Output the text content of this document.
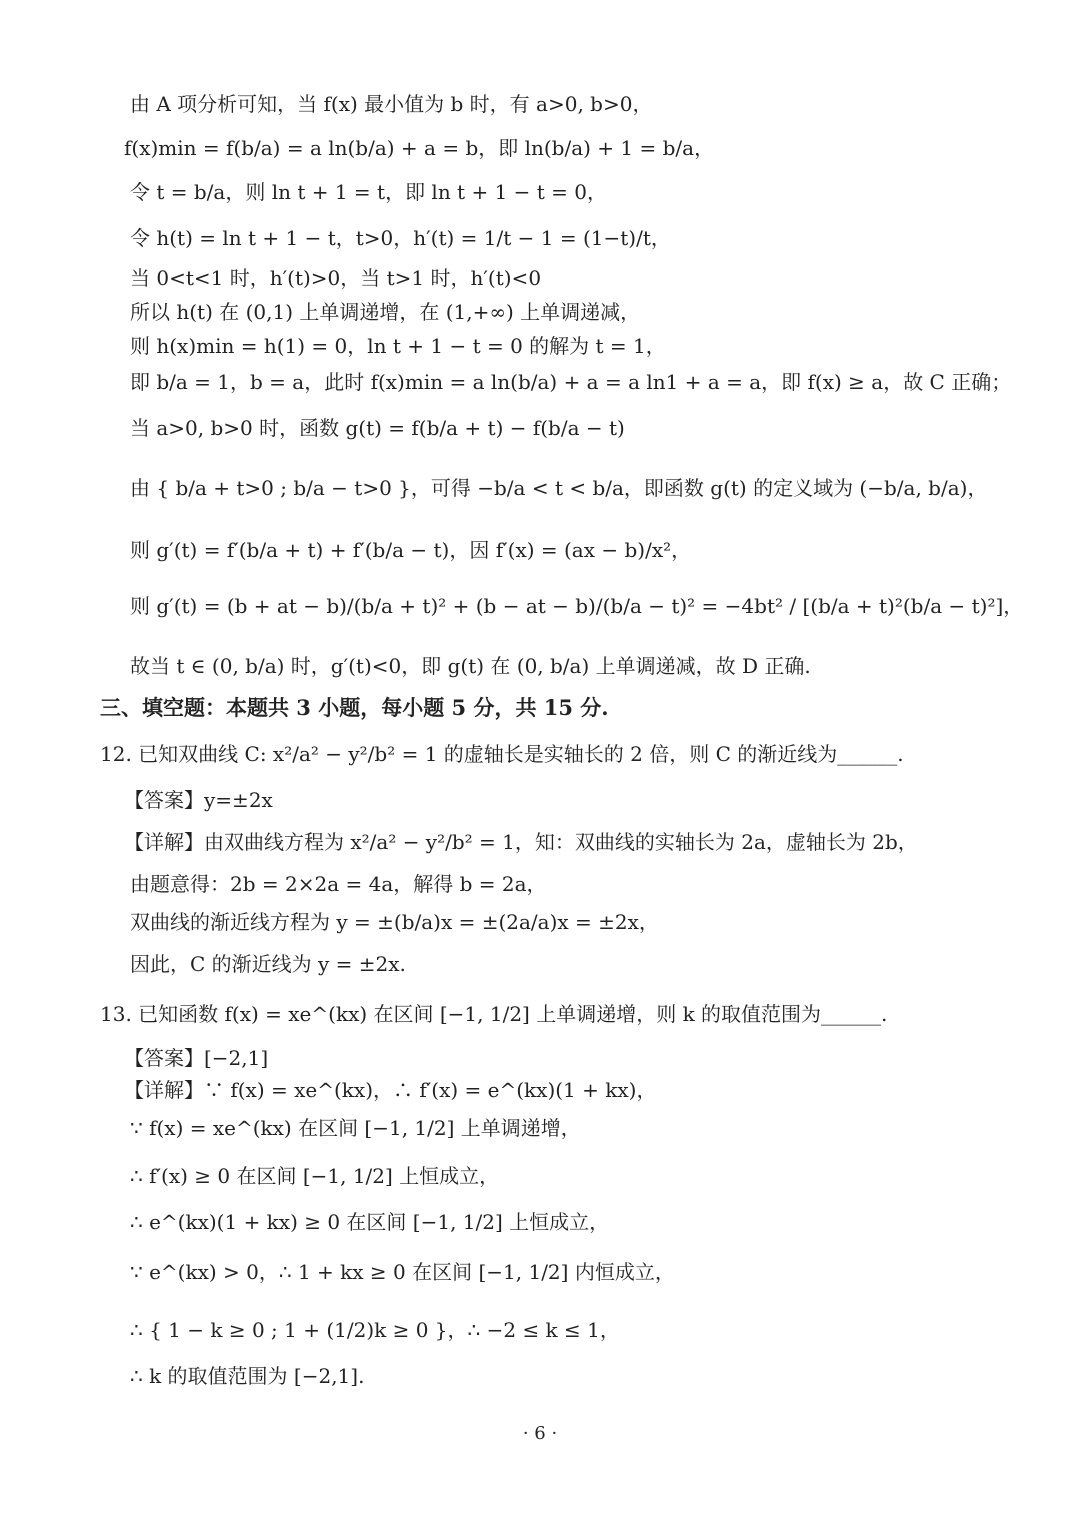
由 A 项分析可知，当 f(x) 最小值为 b 时，有 a>0, b>0，
f(x)min = f(b/a) = a ln(b/a) + a = b，即 ln(b/a) + 1 = b/a，
令 t = b/a，则 ln t + 1 = t，即 ln t + 1 − t = 0，
令 h(t) = ln t + 1 − t，t>0，h′(t) = 1/t − 1 = (1−t)/t，
当 0<t<1 时，h′(t)>0，当 t>1 时，h′(t)<0
所以 h(t) 在 (0,1) 上单调递增，在 (1,+∞) 上单调递减，
则 h(x)min = h(1) = 0，ln t + 1 − t = 0 的解为 t = 1，
即 b/a = 1，b = a，此时 f(x)min = a ln(b/a) + a = a ln1 + a = a，即 f(x) ≥ a，故 C 正确；
当 a>0, b>0 时，函数 g(t) = f(b/a + t) − f(b/a − t)
由 { b/a + t>0 ; b/a − t>0 }，可得 −b/a < t < b/a，即函数 g(t) 的定义域为 (−b/a, b/a)，
则 g′(t) = f′(b/a + t) + f′(b/a − t)，因 f′(x) = (ax − b)/x²，
则 g′(t) = (b + at − b)/(b/a + t)² + (b − at − b)/(b/a − t)² = −4bt² / [(b/a + t)²(b/a − t)²]，
故当 t ∈ (0, b/a) 时，g′(t)<0，即 g(t) 在 (0, b/a) 上单调递减，故 D 正确.
三、填空题：本题共 3 小题，每小题 5 分，共 15 分.
12. 已知双曲线 C: x²/a² − y²/b² = 1 的虚轴长是实轴长的 2 倍，则 C 的渐近线为______.
【答案】y=±2x
【详解】由双曲线方程为 x²/a² − y²/b² = 1，知：双曲线的实轴长为 2a，虚轴长为 2b，
由题意得：2b = 2×2a = 4a，解得 b = 2a，
双曲线的渐近线方程为 y = ±(b/a)x = ±(2a/a)x = ±2x，
因此，C 的渐近线为 y = ±2x.
13. 已知函数 f(x) = xe^(kx) 在区间 [−1, 1/2] 上单调递增，则 k 的取值范围为______.
【答案】[−2,1]
【详解】∵ f(x) = xe^(kx)，∴ f′(x) = e^(kx)(1 + kx)，
∵ f(x) = xe^(kx) 在区间 [−1, 1/2] 上单调递增，
∴ f′(x) ≥ 0 在区间 [−1, 1/2] 上恒成立，
∴ e^(kx)(1 + kx) ≥ 0 在区间 [−1, 1/2] 上恒成立，
∵ e^(kx) > 0，∴ 1 + kx ≥ 0 在区间 [−1, 1/2] 内恒成立，
∴ { 1 − k ≥ 0 ; 1 + (1/2)k ≥ 0 }，∴ −2 ≤ k ≤ 1，
∴ k 的取值范围为 [−2,1].
· 6 ·
